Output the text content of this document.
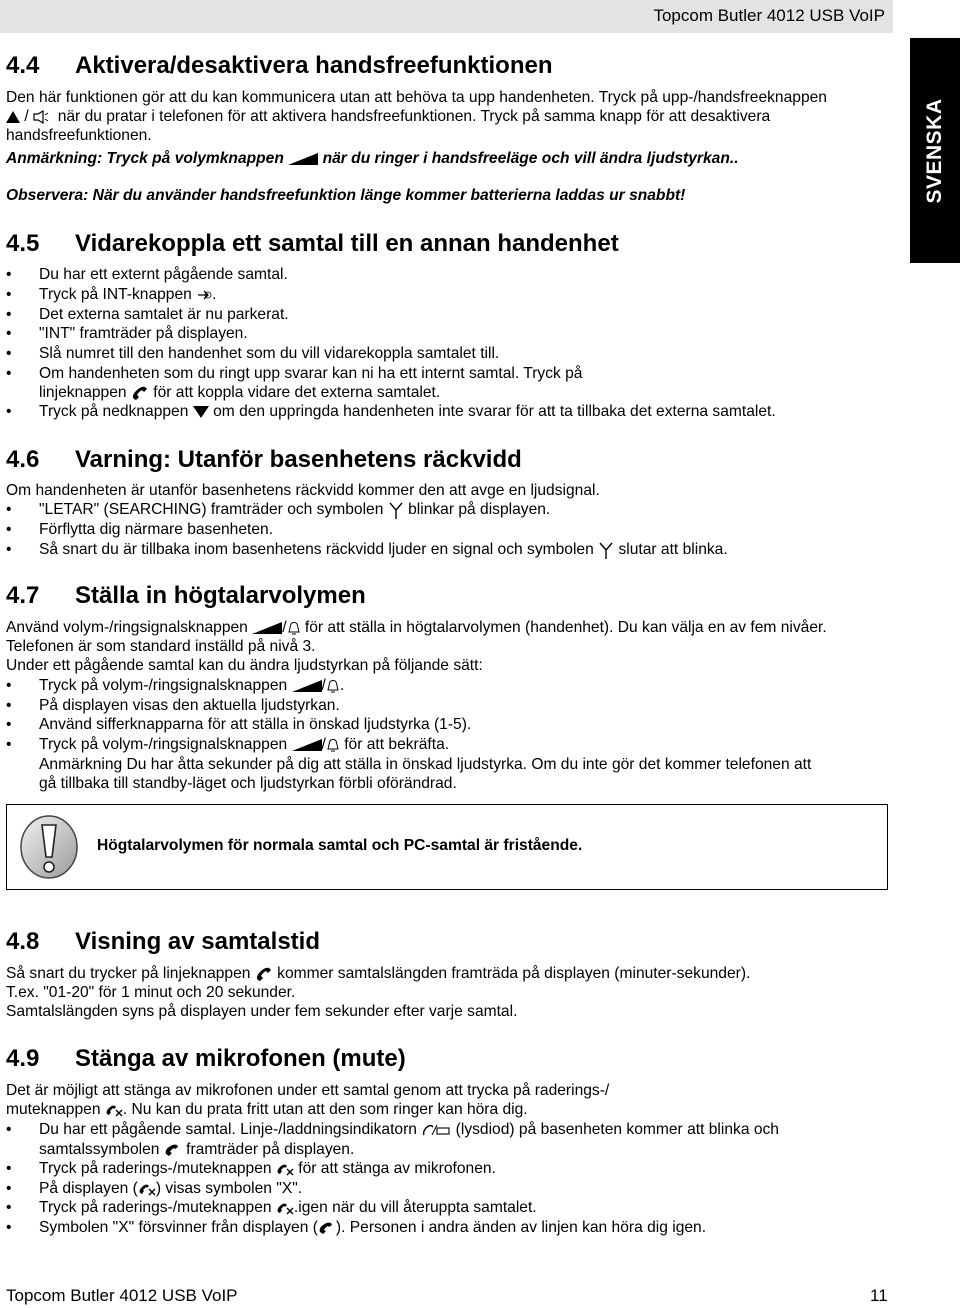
Topcom Butler 4012 USB VoIP
SVENSKA
4.4 Aktivera/desaktivera handsfreefunktionen
Den här funktionen gör att du kan kommunicera utan att behöva ta upp handenheten. Tryck på upp-/handsfreeknappen
/ när du pratar i telefonen för att aktivera handsfreefunktionen. Tryck på samma knapp för att desaktivera
handsfreefunktionen.
Anmärkning: Tryck på volymknappen när du ringer i handsfreeläge och vill ändra ljudstyrkan..
Observera: När du använder handsfreefunktion länge kommer batterierna laddas ur snabbt!
4.5 Vidarekoppla ett samtal till en annan handenhet
• Du har ett externt pågående samtal.
• Tryck på INT-knappen .
• Det externa samtalet är nu parkerat.
• "INT" framträder på displayen.
• Slå numret till den handenhet som du vill vidarekoppla samtalet till.
• Om handenheten som du ringt upp svarar kan ni ha ett internt samtal. Tryck på
linjeknappen för att koppla vidare det externa samtalet.
• Tryck på nedknappen om den uppringda handenheten inte svarar för att ta tillbaka det externa samtalet.
4.6 Varning: Utanför basenhetens räckvidd
Om handenheten är utanför basenhetens räckvidd kommer den att avge en ljudsignal.
• "LETAR" (SEARCHING) framträder och symbolen blinkar på displayen.
• Förflytta dig närmare basenheten.
• Så snart du är tillbaka inom basenhetens räckvidd ljuder en signal och symbolen slutar att blinka.
4.7 Ställa in högtalarvolymen
Använd volym-/ringsignalsknappen / för att ställa in högtalarvolymen (handenhet). Du kan välja en av fem nivåer.
Telefonen är som standard inställd på nivå 3.
Under ett pågående samtal kan du ändra ljudstyrkan på följande sätt:
• Tryck på volym-/ringsignalsknappen / .
• På displayen visas den aktuella ljudstyrkan.
• Använd sifferknapparna för att ställa in önskad ljudstyrka (1-5).
• Tryck på volym-/ringsignalsknappen / för att bekräfta.
Anmärkning Du har åtta sekunder på dig att ställa in önskad ljudstyrka. Om du inte gör det kommer telefonen att
gå tillbaka till standby-läget och ljudstyrkan förbli oförändrad.
Högtalarvolymen för normala samtal och PC-samtal är fristående.
4.8 Visning av samtalstid
Så snart du trycker på linjeknappen kommer samtalslängden framträda på displayen (minuter-sekunder).
T.ex. "01-20" för 1 minut och 20 sekunder.
Samtalslängden syns på displayen under fem sekunder efter varje samtal.
4.9 Stänga av mikrofonen (mute)
Det är möjligt att stänga av mikrofonen under ett samtal genom att trycka på raderings-/
muteknappen . Nu kan du prata fritt utan att den som ringer kan höra dig.
• Du har ett pågående samtal. Linje-/laddningsindikatorn (lysdiod) på basenheten kommer att blinka och
samtalssymbolen framträder på displayen.
• Tryck på raderings-/muteknappen för att stänga av mikrofonen.
• På displayen ( ) visas symbolen "X".
• Tryck på raderings-/muteknappen .igen när du vill återuppta samtalet.
• Symbolen "X" försvinner från displayen ( ). Personen i andra änden av linjen kan höra dig igen.
Topcom Butler 4012 USB VoIP	11
